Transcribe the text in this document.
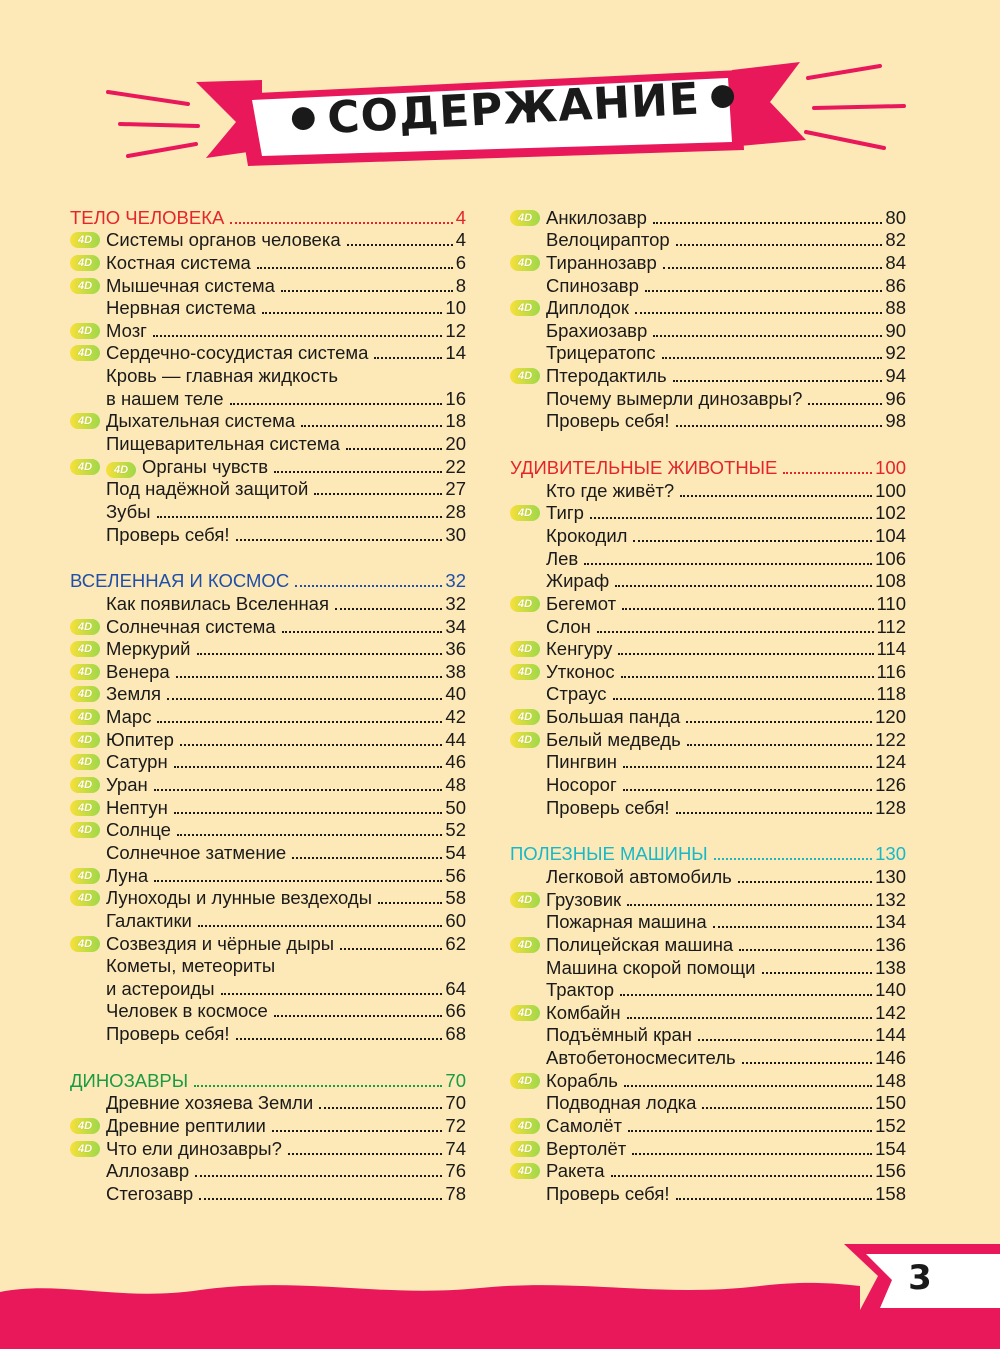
● СОДЕРЖАНИЕ ●
ТЕЛО ЧЕЛОВЕКА	4
4D Системы органов человека	4
4D Костная система	6
4D Мышечная система	8
Нервная система	10
4D Мозг	12
4D Сердечно-сосудистая система	14
Кровь — главная жидкость
в нашем теле	16
4D Дыхательная система	18
Пищеварительная система	20
4D	4D Органы чувств	22
Под надёжной защитой	27
Зубы	28
Проверь себя!	30
ВСЕЛЕННАЯ И КОСМОС	32
Как появилась Вселенная	32
4D Солнечная система	34
4D Меркурий	36
4D Венера	38
4D Земля	40
4D Марс	42
4D Юпитер	44
4D Сатурн	46
4D Уран	48
4D Нептун	50
4D Солнце	52
Солнечное затмение	54
4D Луна	56
4D Луноходы и лунные вездеходы	58
Галактики	60
4D Созвездия и чёрные дыры	62
Кометы, метеориты
и астероиды	64
Человек в космосе	66
Проверь себя!	68
ДИНОЗАВРЫ	70
Древние хозяева Земли	70
4D Древние рептилии	72
4D Что ели динозавры?	74
Аллозавр	76
Стегозавр	78
4D Анкилозавр	80
Велоцираптор	82
4D Тираннозавр	84
Спинозавр	86
4D Диплодок	88
Брахиозавр	90
Трицератопс	92
4D Птеродактиль	94
Почему вымерли динозавры?	96
Проверь себя!	98
УДИВИТЕЛЬНЫЕ ЖИВОТНЫЕ	100
Кто где живёт?	100
4D Тигр	102
Крокодил	104
Лев	106
Жираф	108
4D Бегемот	110
Слон	112
4D Кенгуру	114
4D Утконос	116
Страус	118
4D Большая панда	120
4D Белый медведь	122
Пингвин	124
Носорог	126
Проверь себя!	128
ПОЛЕЗНЫЕ МАШИНЫ	130
Легковой автомобиль	130
4D Грузовик	132
Пожарная машина	134
4D Полицейская машина	136
Машина скорой помощи	138
Трактор	140
4D Комбайн	142
Подъёмный кран	144
Автобетоносмеситель	146
4D Корабль	148
Подводная лодка	150
4D Самолёт	152
4D Вертолёт	154
4D Ракета	156
Проверь себя!	158
3
